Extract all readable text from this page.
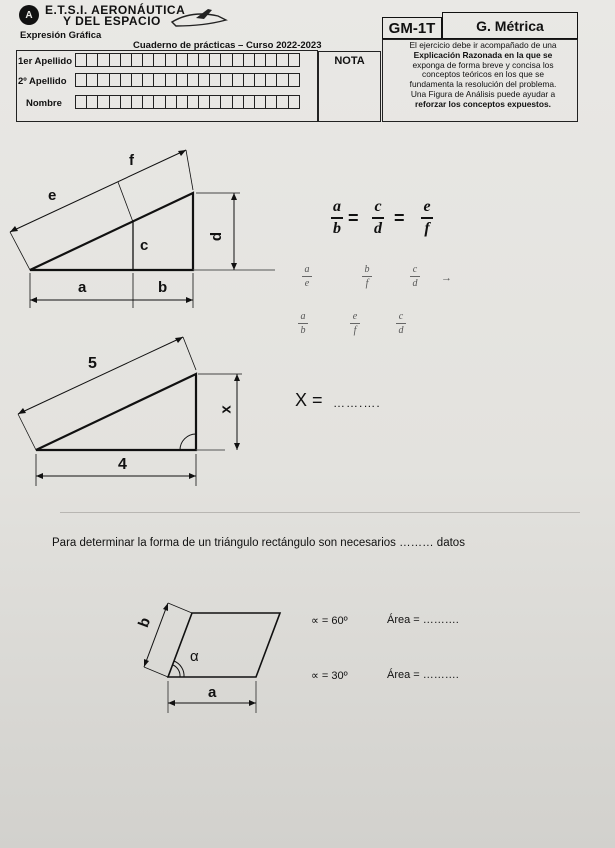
A	E.T.S.I. AERONÁUTICA
Y DEL ESPACIO
Expresión Gráfica
Cuaderno de prácticas – Curso 2022-2023
1er Apellido
2º Apellido
Nombre
NOTA
GM-1T	G. Métrica
El ejercicio debe ir acompañado de una
Explicación Razonada en la que se
exponga de forma breve y concisa los
conceptos teóricos en los que se
fundamenta la resolución del problema.
Una Figura de Análisis puede ayudar a
reforzar los conceptos expuestos.
e
f
c
d
a	b
a
b =
c
d =
e
f
a
e
b
f
c
d →
a
b
e
f
c
d
5
4
x	X = …….….
Para determinar la forma de un triángulo rectángulo son necesarios ……… datos
b
α
a
∝ = 60º	Área = ……….
∝ = 30º	Área = ……….
